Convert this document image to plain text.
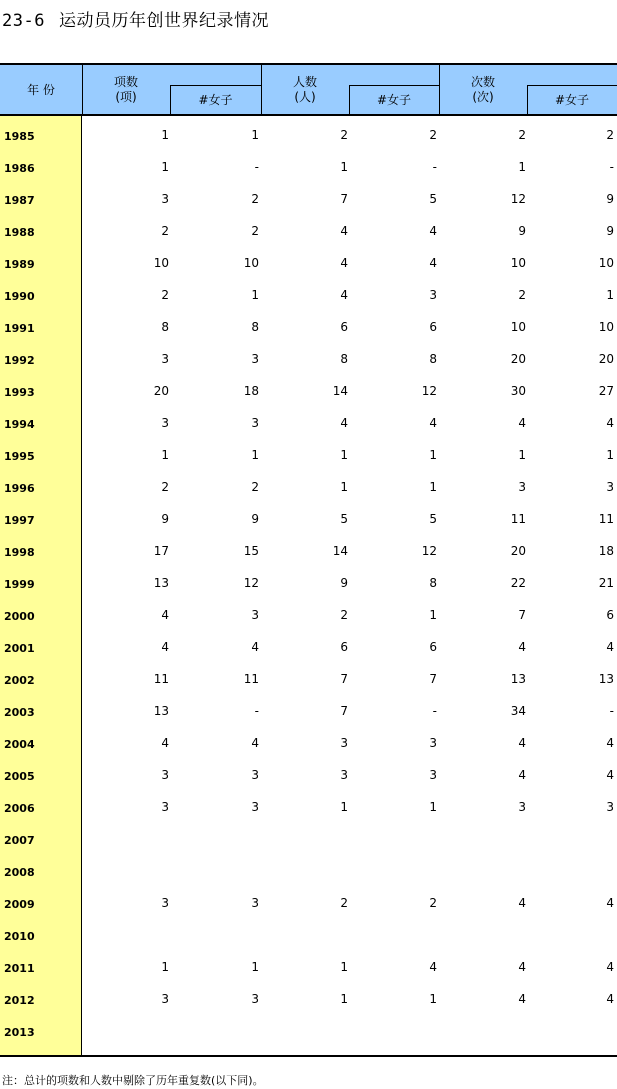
23-6 运动员历年创世界纪录情况
年 份
项数
(项)	#女子
人数
(人)	#女子
次数
(次)	#女子
1985	1	1	2	2	2	2
1986	1	-	1	-	1	-
1987	3	2	7	5	12	9
1988	2	2	4	4	9	9
1989	10	10	4	4	10	10
1990	2	1	4	3	2	1
1991	8	8	6	6	10	10
1992	3	3	8	8	20	20
1993	20	18	14	12	30	27
1994	3	3	4	4	4	4
1995	1	1	1	1	1	1
1996	2	2	1	1	3	3
1997	9	9	5	5	11	11
1998	17	15	14	12	20	18
1999	13	12	9	8	22	21
2000	4	3	2	1	7	6
2001	4	4	6	6	4	4
2002	11	11	7	7	13	13
2003	13	-	7	-	34	-
2004	4	4	3	3	4	4
2005	3	3	3	3	4	4
2006	3	3	1	1	3	3
2007
2008
2009	3	3	2	2	4	4
2010
2011	1	1	1	4	4	4
2012	3	3	1	1	4	4
2013
注：总计的项数和人数中剔除了历年重复数(以下同)。
